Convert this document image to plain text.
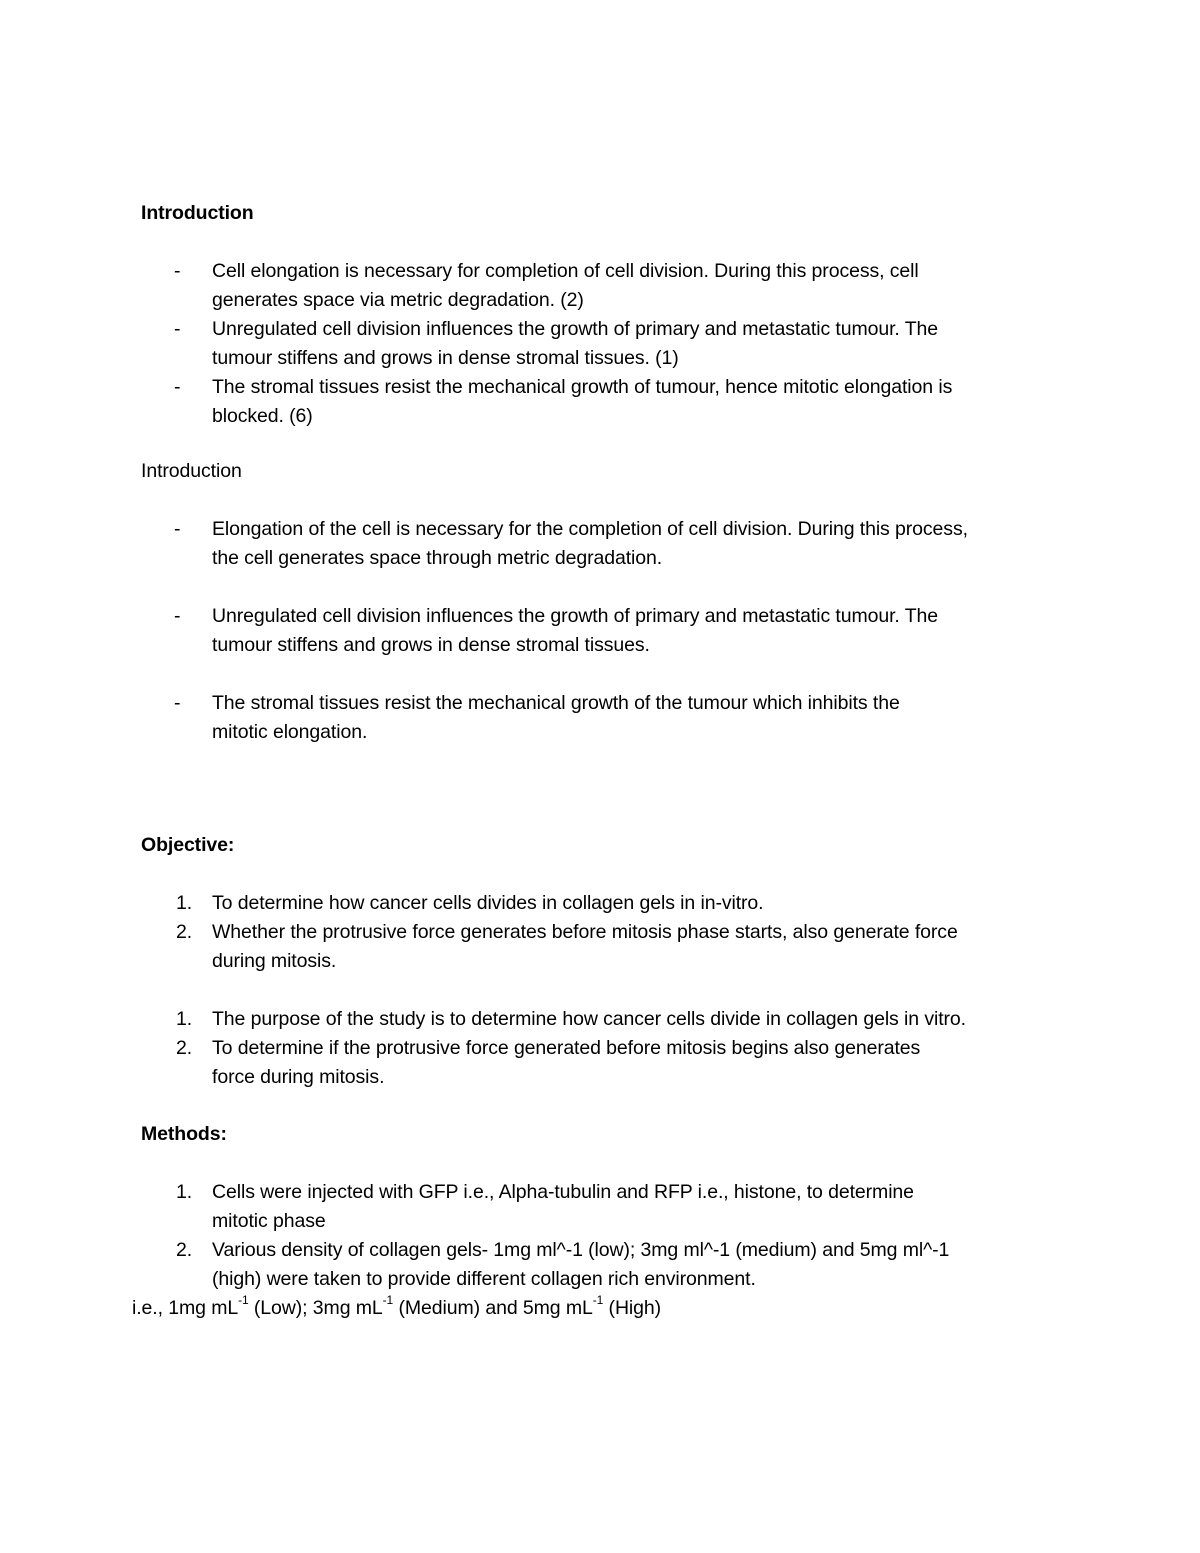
Introduction
- Cell elongation is necessary for completion of cell division. During this process, cell
generates space via metric degradation. (2)
- Unregulated cell division influences the growth of primary and metastatic tumour. The
tumour stiffens and grows in dense stromal tissues. (1)
- The stromal tissues resist the mechanical growth of tumour, hence mitotic elongation is
blocked. (6)
Introduction
- Elongation of the cell is necessary for the completion of cell division. During this process,
the cell generates space through metric degradation.
- Unregulated cell division influences the growth of primary and metastatic tumour. The
tumour stiffens and grows in dense stromal tissues.
- The stromal tissues resist the mechanical growth of the tumour which inhibits the
mitotic elongation.
Objective:
1. To determine how cancer cells divides in collagen gels in in-vitro.
2. Whether the protrusive force generates before mitosis phase starts, also generate force
during mitosis.
1. The purpose of the study is to determine how cancer cells divide in collagen gels in vitro.
2. To determine if the protrusive force generated before mitosis begins also generates
force during mitosis.
Methods:
1. Cells were injected with GFP i.e., Alpha-tubulin and RFP i.e., histone, to determine
mitotic phase
2. Various density of collagen gels- 1mg ml^-1 (low); 3mg ml^-1 (medium) and 5mg ml^-1
(high) were taken to provide different collagen rich environment.
i.e., 1mg $mL^{-1}$ (Low); 3mg $mL^{-1}$ (Medium) and 5mg $mL^{-1}$ (High)
